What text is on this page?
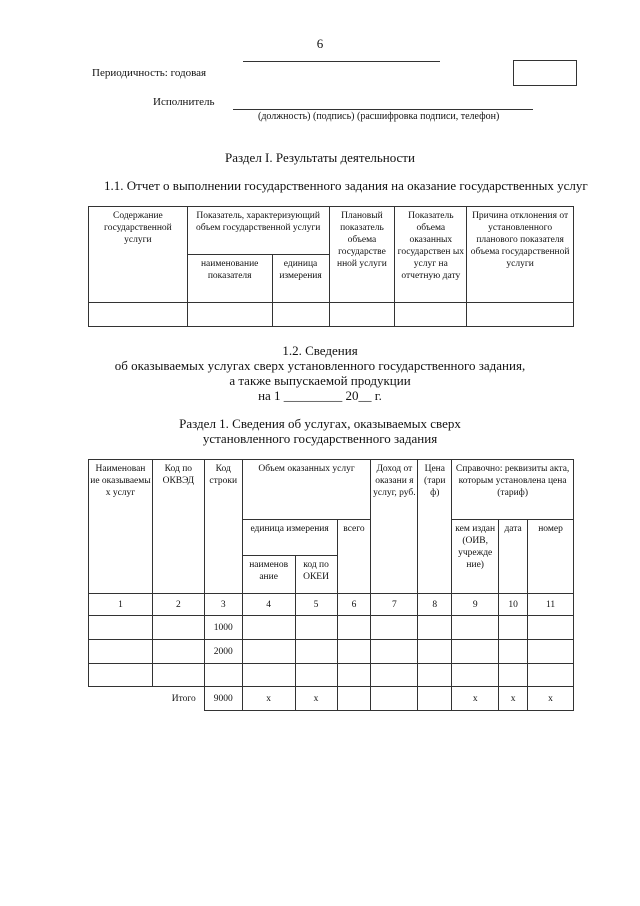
6
Периодичность: годовая
Исполнитель
(должность) (подпись) (расшифровка подписи, телефон)
Раздел I. Результаты деятельности
1.1. Отчет о выполнении государственного задания на оказание государственных услуг
Содержание государственной услуги	Показатель, характеризующий объем государственной услуги		Плановый показатель объема государстве нной услуги	Показатель объема оказанных государствен ых услуг на отчетную дату	Причина отклонения от установленного планового показателя объема государственной услуги
	наименование показателя	единица измерения			

1.2. Сведения
об оказываемых услугах сверх установленного государственного задания,
а также выпускаемой продукции
на 1 _________ 20__ г.
Раздел 1. Сведения об услугах, оказываемых сверх
установленного государственного задания
Наименован ие оказываемы х услуг	Код по ОКВЭД	Код строки	Объем оказанных услуг			Доход от оказани я услуг, руб.	Цена (тари ф)	Справочно: реквизиты акта, которым установлена цена (тариф)		
			единица измерения		всего			кем издан (ОИВ, учрежде ние)	дата	номер
			наименов ание	код по ОКЕИ						
1	2	3	4	5	6	7	8	9	10	11
		1000								
		2000								

Итого		9000	x	x				x	x	x
